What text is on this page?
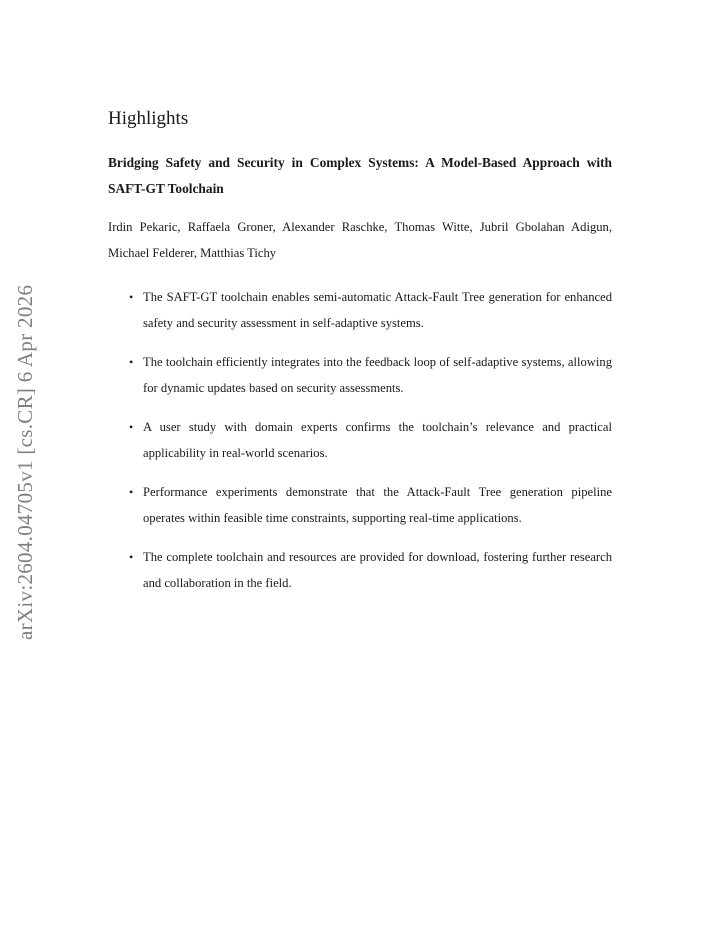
arXiv:2604.04705v1 [cs.CR] 6 Apr 2026
Highlights
Bridging Safety and Security in Complex Systems: A Model-Based Approach with SAFT-GT Toolchain
Irdin Pekaric, Raffaela Groner, Alexander Raschke, Thomas Witte, Jubril Gbolahan Adigun, Michael Felderer, Matthias Tichy
• The SAFT-GT toolchain enables semi-automatic Attack-Fault Tree generation for enhanced safety and security assessment in self-adaptive systems.
• The toolchain efficiently integrates into the feedback loop of self-adaptive systems, allowing for dynamic updates based on security assessments.
• A user study with domain experts confirms the toolchain’s relevance and practical applicability in real-world scenarios.
• Performance experiments demonstrate that the Attack-Fault Tree generation pipeline operates within feasible time constraints, supporting real-time applications.
• The complete toolchain and resources are provided for download, fostering further research and collaboration in the field.
